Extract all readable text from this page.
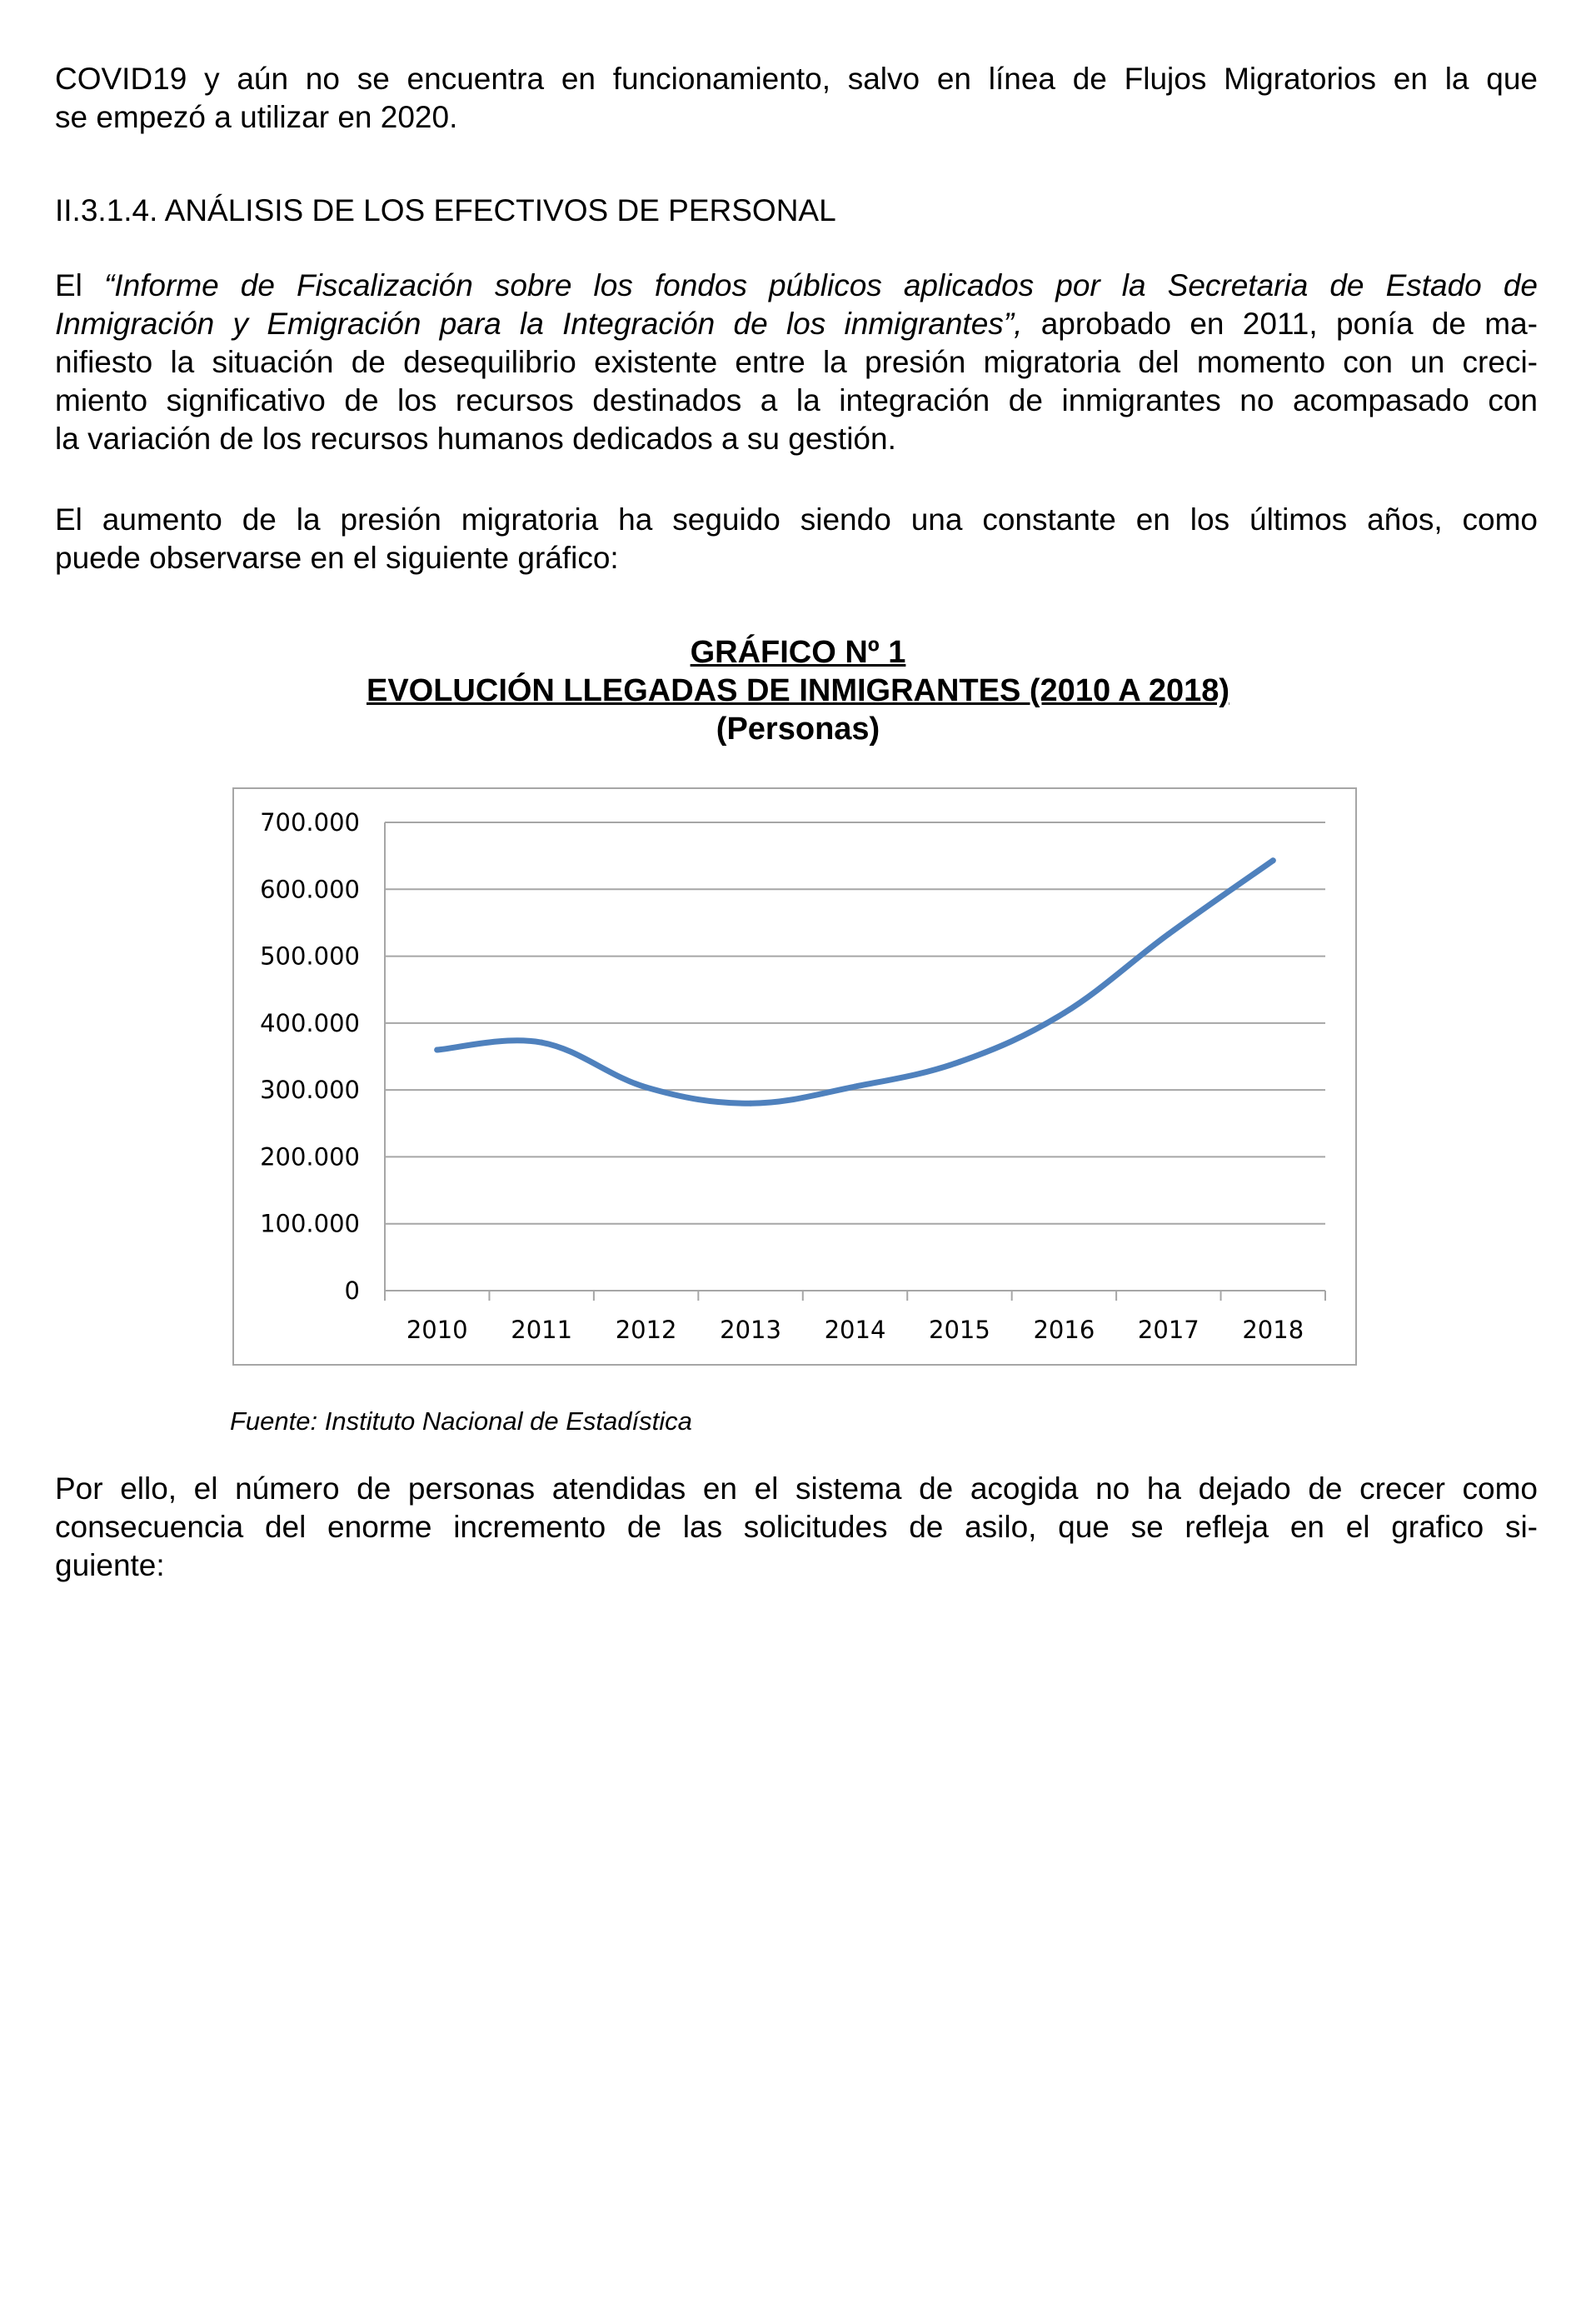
COVID19 y aún no se encuentra en funcionamiento, salvo en línea de Flujos Migratorios en la que
se empezó a utilizar en 2020.

II.3.1.4. ANÁLISIS DE LOS EFECTIVOS DE PERSONAL

El “Informe de Fiscalización sobre los fondos públicos aplicados por la Secretaria de Estado de
Inmigración y Emigración para la Integración de los inmigrantes”, aprobado en 2011, ponía de ma-
nifiesto la situación de desequilibrio existente entre la presión migratoria del momento con un creci-
miento significativo de los recursos destinados a la integración de inmigrantes no acompasado con
la variación de los recursos humanos dedicados a su gestión.

El aumento de la presión migratoria ha seguido siendo una constante en los últimos años, como
puede observarse en el siguiente gráfico:

GRÁFICO Nº 1

EVOLUCIÓN LLEGADAS DE INMIGRANTES (2010 A 2018)

(Personas)

0
100.000
200.000
300.000
400.000
500.000
600.000
700.000
2010 2011 2012 2013 2014 2015 2016 2017 2018

Fuente: Instituto Nacional de Estadística

Por ello, el número de personas atendidas en el sistema de acogida no ha dejado de crecer como
consecuencia del enorme incremento de las solicitudes de asilo, que se refleja en el grafico si-
guiente:
